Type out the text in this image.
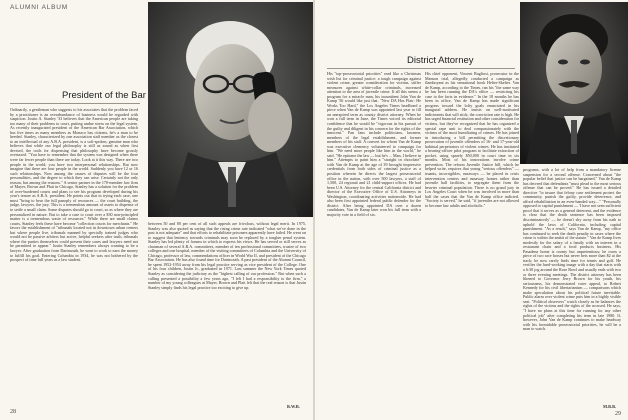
ALUMNI ALBUM
President of the Bar
Ordinarily, a gentleman who suggests to his associates that the problem faced by a practitioner is an overabundance of business would be regarded with suspicion. Justin A. Stanley '33 believes that the American people are taking too many of their problems to court, putting undue stress on the legal system. As recently inaugurated president of the American Bar Association, which has five times as many members as Monaco has citizens, he's a man to be heeded. Stanley, characterized by one association staff member as the closest to an intellectual of any A.B.A. president, is a soft-spoken, genuine man who believes that while our legal philosophy is still as sound as when first devised, the tools for dispensing that philosophy have become grossly overtaxed. "You have to remember that the system was designed when there were far fewer people than there are today. Look at it this way. There are two people in the world; you have two interpersonal relationships. But now imagine that there are four people in the world. Suddenly you have 12 or 16 such relationships. Now among the causes of disputes will be the four personalities, and the degree to which they can arise. Certainly not the only reason, but among the reasons." A senior partner in the 170-member law firm of Mayer, Brown and Platt in Chicago, Stanley has a solution for the problem of over-burdened courts and plans to see his program developed during his year's tenure as A.B.A. president. He points out that in trying each case, one must "bring to bear the full panoply of resources — the court building, the judge, lawyers, the jury. This is a tremendous amount of assets to dispense of to settle a small claim. Some disputes should go to court, so as where they are personalized in nature. But to take a case to court over a $30 non-principled matter is a tremendous waste of resources." While there are small claims courts, Stanley feels these have become "collection courts for merchants." He favors the establishment of "tribunals located not in downtown urban centers but where people live, tribunals manned by specially trained judges who would not be passive arbiters but active, helpful seekers after truth, tribunals where the parties themselves could present their cases and lawyers need not be permitted to appear." Justin Stanley remembers always wanting to be a lawyer. After graduation from Dartmouth, he went to work to earn the money to fulfill his goal. Entering Columbia in 1934, he was not bothered by the prospect of time full years as a law student.
between 50 and 80 per cent of all such appeals are frivolous, without legal merit. In 1975, Stanley was also quoted as saying that the rising crime rate indicated "what we've done in the past is not adequate" and that efforts to rehabilitate prisoners apparently have failed. He went on to suggest that leniency towards criminals may soon be replaced by a tougher penal system. Stanley has led plenty of forums in which to express his views. He has served or still serves as chairman of several A.B.A. committees, member of ten professional committees, trustee of two colleges and one hospital, member of the visiting committees of Columbia and the University of Chicago, professor of law, commendations officer in World War II, and president of the Chicago Bar Association. He has also found time for Dartmouth. A past president of the Alumni Council, he spent 1952-1954 away from his legal practice serving as vice president of the College. One of his four children, Justin Jr., graduated in 1971. Last summer the New York Times quoted Stanley as considering the judiciary as the "highest calling of our profession." But when such a calling presented a possibility a few years ago, "I felt I had a responsibility to the firm," a number of my young colleagues at Mayer, Brown and Platt felt that the real reason is that Justin Stanley simply finds his legal practice too exciting to give up.
B.W.B.
28
District Attorney
His "top-prosecutorial priorities" read like a Christmas wish list for criminal justice: a tough campaign against violent crime, greater consideration for victims, stiffer measures against white-collar criminals, increased attention to the area of juvenile crime. If all this seems a program for a miracle man, his incumbent John Van de Kamp '56 would like just that. "New DA Has Flair: He Works Too Hard," the Los Angeles Times headlined a piece when Van de Kamp was appointed last year to fill an unexpired term as county district attorney. When he won a full term in June, the Times voiced its editorial confidence that he would be "vigorous in his pursuit of the guilty and diligent in his concern for the rights of the innocent." Fan fans include politicians, lawmen, members of the legal establishment, and former members of his staff. A convert for whom Van de Kamp was executive clemency volunteered to campaign for him. "We need more people like him in the world," he said. "He epitome the law — but he's ... Man, I believe in him." Attempts to paint him a "straight in chocolate" with Van de Kamp at the age of 39 brought impressive credentials from both sides of criminal justice as a position wherein he directs the largest prosecutorial office in the nation, with over 500 lawyers, a staff of 1,500, 24 regional and 21 child-support offices. He had been U.S. Attorney for the central California district and director of the Executive Office of U.S. Attorneys in Washington, coordinating activities nationwide. He had also been first appointed federal public defender for the district. After being appointed DA over a dozen candidates, Van de Kamp later won his full term with a majority vote in a field of six.
His chief opponent, Vincent Bugliosi, prosecutor in the Manson trial, allegedly conducted a campaign as flamboyant as his sensational book Helter-Skelter. Van de Kamp, according to the Times, ran his "the same way he has been running the DA's office — restricting his case to the facts in evidence." In the 18 months he has been in office, Van de Kamp has made significant progress toward the lofty goals enunciated in his inaugural address. He insists on well-motivated indictments that will stick; the conviction rate is high. He has urged financial restitution and other consideration for victims, but they've recognized that he has organized a special rape unit to deal compassionately with the victims of the most humiliating of crimes. He has joined in introducing a bill permitting the discretionary prosecution of juvenile offenders of 16- and 17-year-old habitual perpetrators of violent crimes. He has instituted a hearing-officer pilot program to facilitate extraction of pocket, using sparely $50,000 in court time in six months. Most of his innovations involve crime prevention. The reform Juvenile Justice bill, which he helped write, requires that young "serious offenders" — truants, incorrigibles, runaways — be placed in crisis intervention centers and runaway homes rather than juvenile hall facilities, to segregate them from the heavier criminal population. There is no grand jury in Los Angeles Court when he was involved in more than half the cases that the Van de Kamp office indicted. "Society is served," he said, "if juveniles are not allowed to become law adults and alcoholic."
programs, with a lot of help from a mandatory license suspension for a second offense. Concerned about "the popular belief that justice can be bargained," Van de Kamp has decreed that defendants "must plead to the most serious offense that can be proved." He has issued a detailed directive "to insure that felony case settlement protect the community, punish the guilty, provide deterrence, and afford rehabilitation in an even-handed way...." "Personally opposed to capital punishment — 'I have not seen sufficient proof that it serves as a general deterrent, and the evidence is clear that the death sentence has been imposed discriminatorily' — he doesn't shy away from his oath to uphold the laws of California, including capital punishment. "As a result," says Van de Kamp, "my office has continued to seek the death penalty in cases where the crime is within the ambit of the statute." Van de Kamp lives modestly for the salary of a family with an interest in a restaurant chain and a food products business. His Pasadena home is roomy but unpretentious; he owns a piece of two race horses but never bets more than $2 at the track; he now rarely finds time for tennis and golf. He verifies the hard-working image with a day that starts with a 6:30 jog around the Rose Bowl and usually ends with two or three evening meetings. The district attorney has been likened to Governor Jerry Brown for his youth, his seriousness, his demonstrated voter appeal, to Robert Kennedy for his civil libertarianism — comparisons which make speculation about his political future inevitable. Public alarm over violent crime puts him in a highly visible seat. "Political observers" watch closely as he balances the rights of the victims and the rights of the accused. He says, "I have no plans at this time for running for any other political job" after completing his term in late 1980. If, however, John Van de Kamp continues to make headway with his formidable prosecutorial priorities, he will be a man to watch.
M.B.B.
29
